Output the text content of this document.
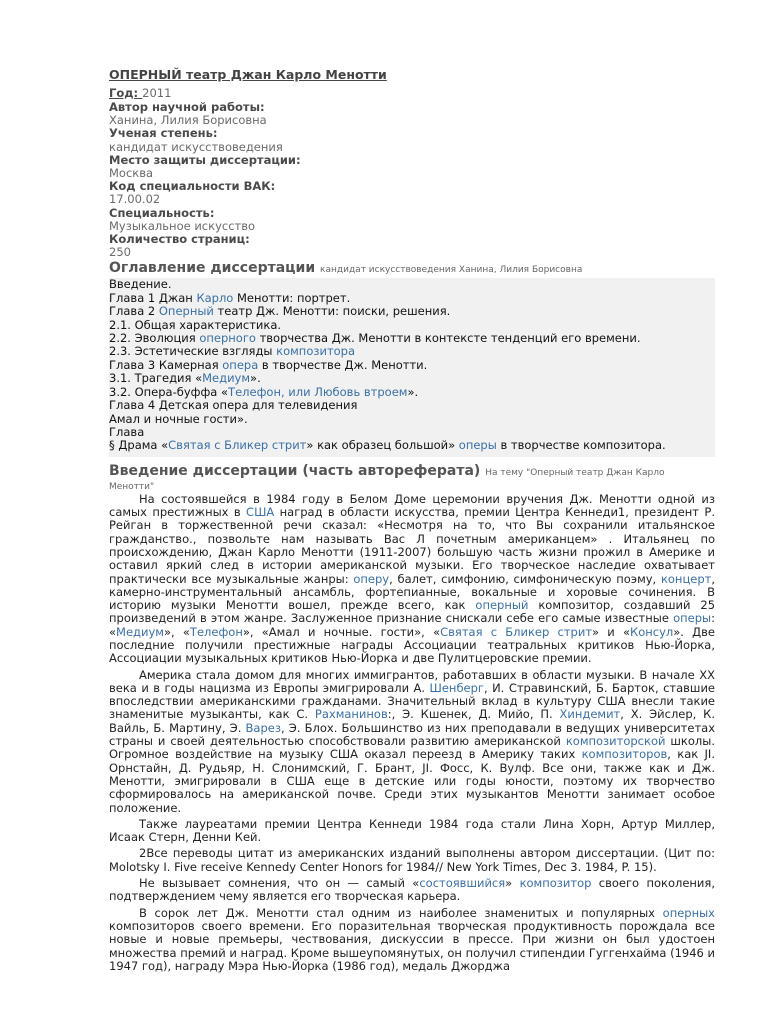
ОПЕРНЫЙ театр Джан Карло Менотти
Год: 2011
Автор научной работы:
Ханина, Лилия Борисовна
Ученая степень:
кандидат искусствоведения
Место защиты диссертации:
Москва
Код специальности ВАК:
17.00.02
Специальность:
Музыкальное искусство
Количество страниц:
250
Оглавление диссертации кандидат искусствоведения Ханина, Лилия Борисовна
Введение.
Глава 1 Джан Карло Менотти: портрет.
Глава 2 Оперный театр Дж. Менотти: поиски, решения.
2.1. Общая характеристика.
2.2. Эволюция оперного творчества Дж. Менотти в контексте тенденций его времени.
2.3. Эстетические взгляды композитора
Глава 3 Камерная опера в творчестве Дж. Менотти.
3.1. Трагедия «Медиум».
3.2. Опера-буффа «Телефон, или Любовь втроем».
Глава 4 Детская опера для телевидения
Амал и ночные гости».
Глава
§ Драма «Святая с Бликер стрит» как образец большой» оперы в творчестве композитора.
Введение диссертации (часть автореферата) На тему "Оперный театр Джан Карло
Менотти"

На состоявшейся в 1984 году в Белом Доме церемонии вручения Дж. Менотти одной из самых престижных в США наград в области искусства, премии Центра Кеннеди1, президент Р. Рейган в торжественной речи сказал: «Несмотря на то, что Вы сохранили итальянское гражданство., позвольте нам называть Вас Л почетным американцем» . Итальянец по происхождению, Джан Карло Менотти (1911-2007) большую часть жизни прожил в Америке и оставил яркий след в истории американской музыки. Его творческое наследие охватывает практически все музыкальные жанры: оперу, балет, симфонию, симфоническую поэму, концерт, камерно-инструментальный ансамбль, фортепианные, вокальные и хоровые сочинения. В историю музыки Менотти вошел, прежде всего, как оперный композитор, создавший 25 произведений в этом жанре. Заслуженное признание снискали себе его самые известные оперы: «Медиум», «Телефон», «Амал и ночные. гости», «Святая с Бликер стрит» и «Консул». Две последние получили престижные награды Ассоциации театральных критиков Нью-Йорка, Ассоциации музыкальных критиков Нью-Йорка и две Пулитцеровские премии.

Америка стала домом для многих иммигрантов, работавших в области музыки. В начале XX века и в годы нацизма из Европы эмигрировали А. Шенберг, И. Стравинский, Б. Барток, ставшие впоследствии американскими гражданами. Значительный вклад в культуру США внесли такие знаменитые музыканты, как С. Рахманинов:, Э. Кшенек, Д. Мийо, П. Хиндемит, Х. Эйслер, К. Вайль, Б. Мартину, Э. Варез, Э. Блох. Большинство из них преподавали в ведущих университетах страны и своей деятельностью способствовали развитию американской композиторской школы. Огромное воздействие на музыку США оказал переезд в Америку таких композиторов, как JI. Орнстайн, Д. Рудьяр, Н. Слонимский, Г. Брант, JI. Фосс, К. Вулф. Все они, также как и Дж. Менотти, эмигрировали в США еще в детские или годы юности, поэтому их творчество сформировалось на американской почве. Среди этих музыкантов Менотти занимает особое положение.

Также лауреатами премии Центра Кеннеди 1984 года стали Лина Хорн, Артур Миллер, Исаак Стерн, Денни Кей.

2Все переводы цитат из американских изданий выполнены автором диссертации. (Цит по: Molotsky I. Five receive Kennedy Center Honors for 1984// New York Times, Dec 3. 1984, P. 15).

Не вызывает сомнения, что он — самый «состоявшийся» композитор своего поколения, подтверждением чему является его творческая карьера.

В сорок лет Дж. Менотти стал одним из наиболее знаменитых и популярных оперных композиторов своего времени. Его поразительная творческая продуктивность порождала все новые и новые премьеры, чествования, дискуссии в прессе. При жизни он был удостоен множества премий и наград. Кроме вышеупомянутых, он получил стипендии Гуггенхайма (1946 и 1947 год), награду Мэра Нью-Йорка (1986 год), медаль Джорджа
